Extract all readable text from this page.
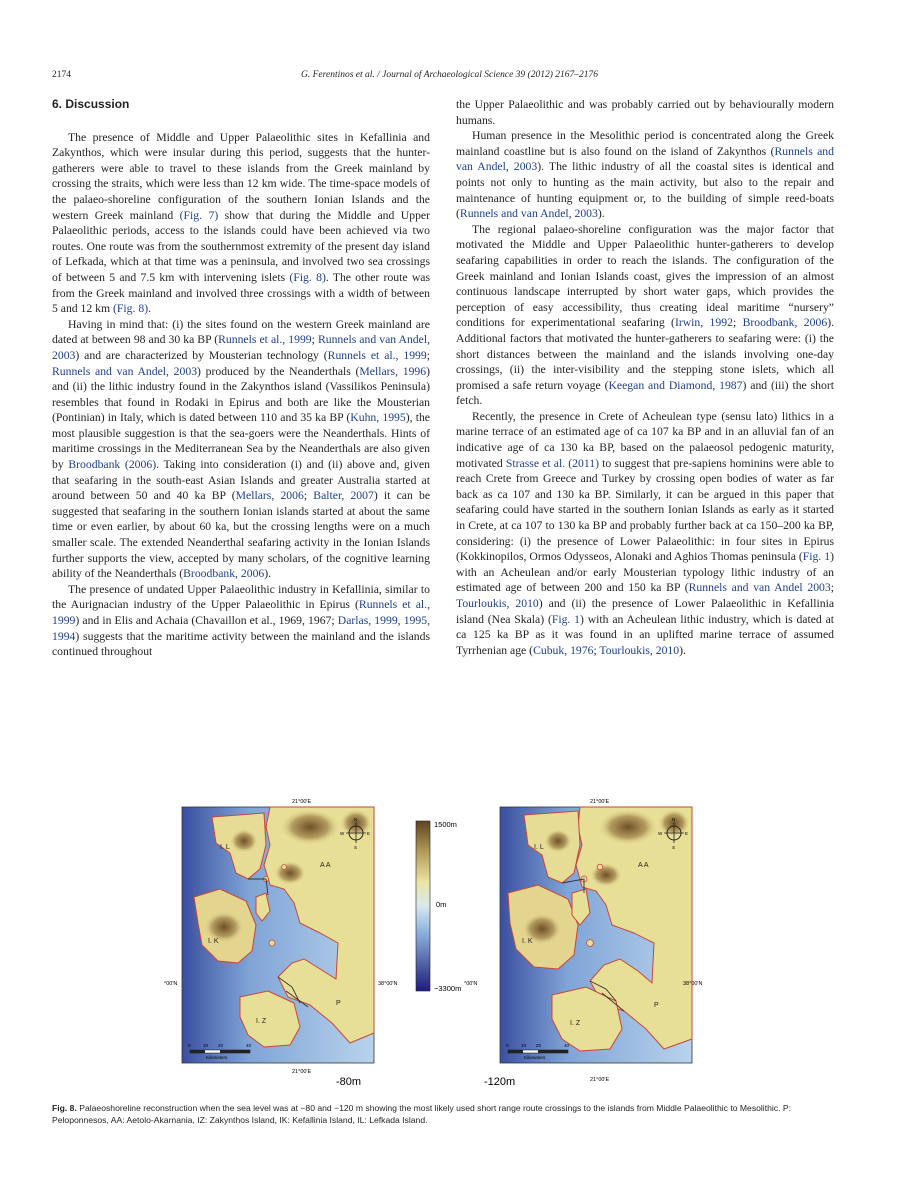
2174	G. Ferentinos et al. / Journal of Archaeological Science 39 (2012) 2167–2176
6. Discussion

The presence of Middle and Upper Palaeolithic sites in Kefallinia and Zakynthos, which were insular during this period, suggests that the hunter-gatherers were able to travel to these islands from the Greek mainland by crossing the straits, which were less than 12 km wide. The time-space models of the palaeo-shoreline configuration of the southern Ionian Islands and the western Greek mainland (Fig. 7) show that during the Middle and Upper Palaeolithic periods, access to the islands could have been achieved via two routes. One route was from the southernmost extremity of the present day island of Lefkada, which at that time was a peninsula, and involved two sea crossings of between 5 and 7.5 km with intervening islets (Fig. 8). The other route was from the Greek mainland and involved three crossings with a width of between 5 and 12 km (Fig. 8).

Having in mind that: (i) the sites found on the western Greek mainland are dated at between 98 and 30 ka BP (Runnels et al., 1999; Runnels and van Andel, 2003) and are characterized by Mousterian technology (Runnels et al., 1999; Runnels and van Andel, 2003) produced by the Neanderthals (Mellars, 1996) and (ii) the lithic industry found in the Zakynthos island (Vassilikos Peninsula) resembles that found in Rodaki in Epirus and both are like the Mousterian (Pontinian) in Italy, which is dated between 110 and 35 ka BP (Kuhn, 1995), the most plausible suggestion is that the sea-goers were the Neanderthals. Hints of maritime crossings in the Mediterranean Sea by the Neanderthals are also given by Broodbank (2006). Taking into consideration (i) and (ii) above and, given that seafaring in the south-east Asian Islands and greater Australia started at around between 50 and 40 ka BP (Mellars, 2006; Balter, 2007) it can be suggested that seafaring in the southern Ionian islands started at about the same time or even earlier, by about 60 ka, but the crossing lengths were on a much smaller scale. The extended Neanderthal seafaring activity in the Ionian Islands further supports the view, accepted by many scholars, of the cognitive learning ability of the Neanderthals (Broodbank, 2006).

The presence of undated Upper Palaeolithic industry in Kefallinia, similar to the Aurignacian industry of the Upper Palaeolithic in Epirus (Runnels et al., 1999) and in Elis and Achaia (Chavaillon et al., 1969, 1967; Darlas, 1999, 1995, 1994) suggests that the maritime activity between the mainland and the islands continued throughout

the Upper Palaeolithic and was probably carried out by behaviourally modern humans.

Human presence in the Mesolithic period is concentrated along the Greek mainland coastline but is also found on the island of Zakynthos (Runnels and van Andel, 2003). The lithic industry of all the coastal sites is identical and points not only to hunting as the main activity, but also to the repair and maintenance of hunting equipment or, to the building of simple reed-boats (Runnels and van Andel, 2003).

The regional palaeo-shoreline configuration was the major factor that motivated the Middle and Upper Palaeolithic hunter-gatherers to develop seafaring capabilities in order to reach the islands. The configuration of the Greek mainland and Ionian Islands coast, gives the impression of an almost continuous landscape interrupted by short water gaps, which provides the perception of easy accessibility, thus creating ideal maritime “nursery” conditions for experimentational seafaring (Irwin, 1992; Broodbank, 2006). Additional factors that motivated the hunter-gatherers to seafaring were: (i) the short distances between the mainland and the islands involving one-day crossings, (ii) the inter-visibility and the stepping stone islets, which all promised a safe return voyage (Keegan and Diamond, 1987) and (iii) the short fetch.

Recently, the presence in Crete of Acheulean type (sensu lato) lithics in a marine terrace of an estimated age of ca 107 ka BP and in an alluvial fan of an indicative age of ca 130 ka BP, based on the palaeosol pedogenic maturity, motivated Strasse et al. (2011) to suggest that pre-sapiens hominins were able to reach Crete from Greece and Turkey by crossing open bodies of water as far back as ca 107 and 130 ka BP. Similarly, it can be argued in this paper that seafaring could have started in the southern Ionian Islands as early as it started in Crete, at ca 107 to 130 ka BP and probably further back at ca 150–200 ka BP, considering: (i) the presence of Lower Palaeolithic: in four sites in Epirus (Kokkinopilos, Ormos Odysseos, Alonaki and Aghios Thomas peninsula (Fig. 1) with an Acheulean and/or early Mousterian typology lithic industry of an estimated age of between 200 and 150 ka BP (Runnels and van Andel 2003; Tourloukis, 2010) and (ii) the presence of Lower Palaeolithic in Kefallinia island (Nea Skala) (Fig. 1) with an Acheulean lithic industry, which is dated at ca 125 ka BP as it was found in an uplifted marine terrace of assumed Tyrrhenian age (Cubuk, 1976; Tourloukis, 2010).

I. L
A A
I. K
I. Z
P
N
S
E
W
0	10 20	40
Kilometers
21°00'E
21°00'E
°00'N	38°00'N
-80m
1500m
0m
−3300m
I. L
A A
I. K
I. Z
P
N
S
E
W
0	10 20	40
Kilometers
21°00'E
21°00'E
°00'N	38°00'N
-120m
Fig. 8. Palaeoshoreline reconstruction when the sea level was at −80 and −120 m showing the most likely used short range route crossings to the islands from Middle Palaeolithic to Mesolithic. P: Peloponnesos, AA: Aetolo-Akarnania, IZ: Zakynthos Island, IK: Kefallinia Island, IL: Lefkada Island.
